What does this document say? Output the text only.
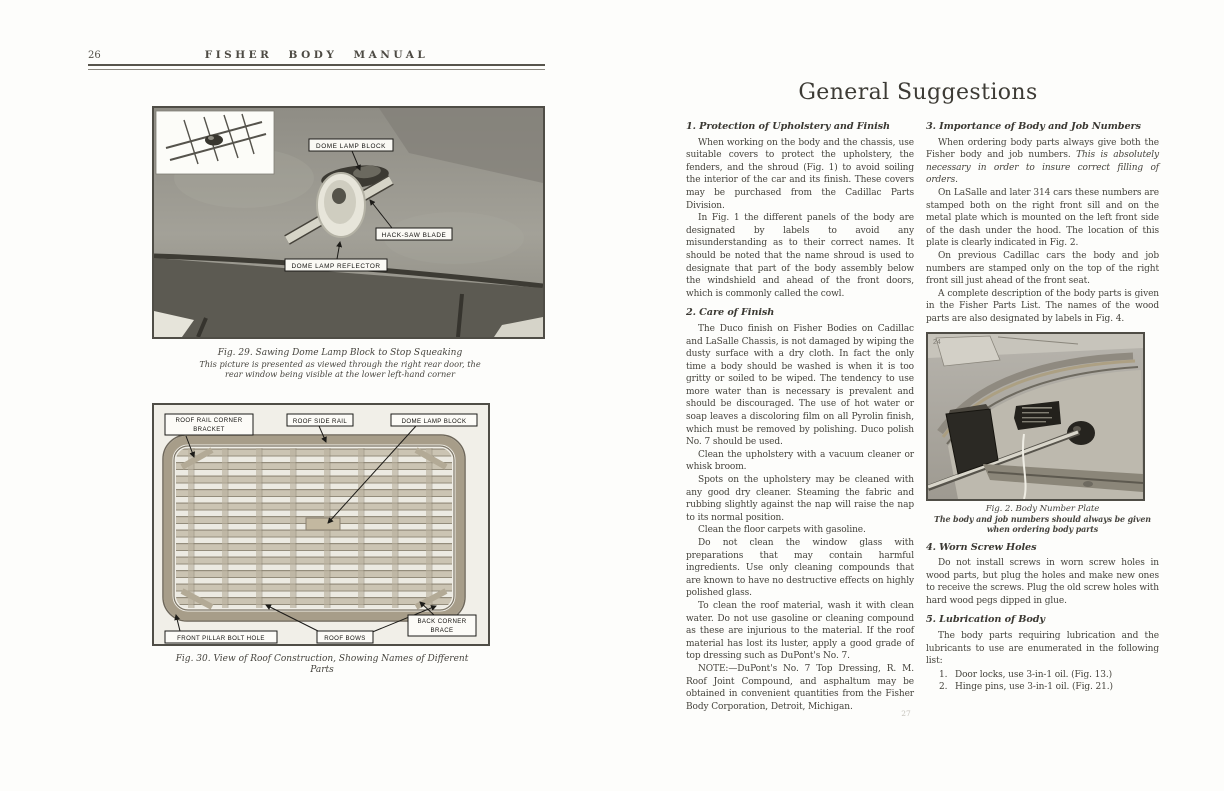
26	FISHER BODY MANUAL
DOME LAMP BLOCK
HACK-SAW BLADE
DOME LAMP REFLECTOR
Fig. 29. Sawing Dome Lamp Block to Stop Squeaking
This picture is presented as viewed through the right rear door, the
rear window being visible at the lower left-hand corner
ROOF RAIL CORNER
BRACKET
ROOF SIDE RAIL	DOME LAMP BLOCK
FRONT PILLAR BOLT HOLE	ROOF BOWS
BACK CORNER
BRACE
Fig. 30. View of Roof Construction, Showing Names of Different
Parts
General Suggestions
1. Protection of Upholstery and Finish

When working on the body and the chassis, use suitable covers to protect the upholstery, the fenders, and the shroud (Fig. 1) to avoid soiling the interior of the car and its finish. These covers may be purchased from the Cadillac Parts Division.

In Fig. 1 the different panels of the body are designated by labels to avoid any misunderstanding as to their correct names. It should be noted that the name shroud is used to designate that part of the body assembly below the windshield and ahead of the front doors, which is commonly called the cowl.

2. Care of Finish

The Duco finish on Fisher Bodies on Cadillac and LaSalle Chassis, is not damaged by wiping the dusty surface with a dry cloth. In fact the only time a body should be washed is when it is too gritty or soiled to be wiped. The tendency to use more water than is necessary is prevalent and should be discouraged. The use of hot water or soap leaves a discoloring film on all Pyrolin finish, which must be removed by polishing. Duco polish No. 7 should be used.

Clean the upholstery with a vacuum cleaner or whisk broom.

Spots on the upholstery may be cleaned with any good dry cleaner. Steaming the fabric and rubbing slightly against the nap will raise the nap to its normal position.

Clean the floor carpets with gasoline.

Do not clean the window glass with preparations that may contain harmful ingredients. Use only cleaning compounds that are known to have no destructive effects on highly polished glass.

To clean the roof material, wash it with clean water. Do not use gasoline or cleaning compound as these are injurious to the material. If the roof material has lost its luster, apply a good grade of top dressing such as DuPont's No. 7.

NOTE:—DuPont's No. 7 Top Dressing, R. M. Roof Joint Compound, and asphaltum may be obtained in convenient quantities from the Fisher Body Corporation, Detroit, Michigan.

3. Importance of Body and Job Numbers

When ordering body parts always give both the Fisher body and job numbers. This is absolutely necessary in order to insure correct filling of orders.

On LaSalle and later 314 cars these numbers are stamped both on the right front sill and on the metal plate which is mounted on the left front side of the dash under the hood. The location of this plate is clearly indicated in Fig. 2.

On previous Cadillac cars the body and job numbers are stamped only on the top of the right front sill just ahead of the front seat.

A complete description of the body parts is given in the Fisher Parts List. The names of the wood parts are also designated by labels in Fig. 4.

24
Fig. 2. Body Number Plate
The body and job numbers should always be given
when ordering body parts
4. Worn Screw Holes

Do not install screws in worn screw holes in wood parts, but plug the holes and make new ones to receive the screws. Plug the old screw holes with hard wood pegs dipped in glue.

5. Lubrication of Body

The body parts requiring lubrication and the lubricants to use are enumerated in the following list:

1. Door locks, use 3-in-1 oil. (Fig. 13.)
2. Hinge pins, use 3-in-1 oil. (Fig. 21.)
27
